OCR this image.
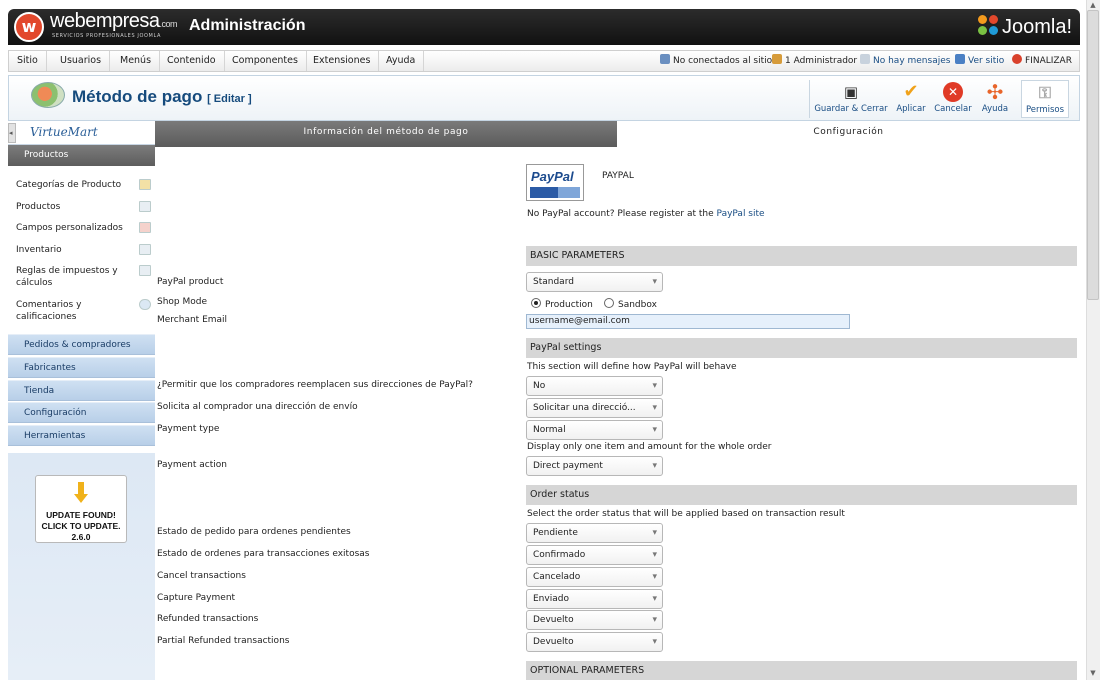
w webempresa.com
SERVICIOS PROFESIONALES JOOMLA
Administración	Joomla!
Sitio	Usuarios	Menús	Contenido	Componentes	Extensiones	Ayuda	No conectados al sitio	1 Administrador	No hay mensajes	Ver sitio	FINALIZAR
Método de pago [ Editar ]	▣
Guardar & Cerrar
✔
Aplicar
✕
Cancelar
✣
Ayuda
⚿
Permisos
◂ VirtueMart
Productos
Categorías de Producto
Productos
Campos personalizados
Inventario
Reglas de impuestos y cálculos
Comentarios y calificaciones
Pedidos & compradores
Fabricantes
Tienda
Configuración
Herramientas
UPDATE FOUND!
CLICK TO UPDATE.
2.6.0
Información del método de pago	Configuración
PayPal	PAYPAL
No PayPal account? Please register at the PayPal site
BASIC PARAMETERS
PayPal product	Standard ▾
Shop Mode	Production	Sandbox
Merchant Email	username@email.com
PayPal settings
This section will define how PayPal will behave
¿Permitir que los compradores reemplacen sus direcciones de PayPal?	No ▾
Solicita al comprador una dirección de envío	Solicitar una direcció... ▾
Payment type	Normal ▾
Display only one item and amount for the whole order
Payment action	Direct payment ▾
Order status
Select the order status that will be applied based on transaction result
Estado de pedido para ordenes pendientes	Pendiente ▾
Estado de ordenes para transacciones exitosas	Confirmado ▾
Cancel transactions	Cancelado ▾
Capture Payment	Enviado ▾
Refunded transactions	Devuelto ▾
Partial Refunded transactions	Devuelto ▾
OPTIONAL PARAMETERS
▲
▼
